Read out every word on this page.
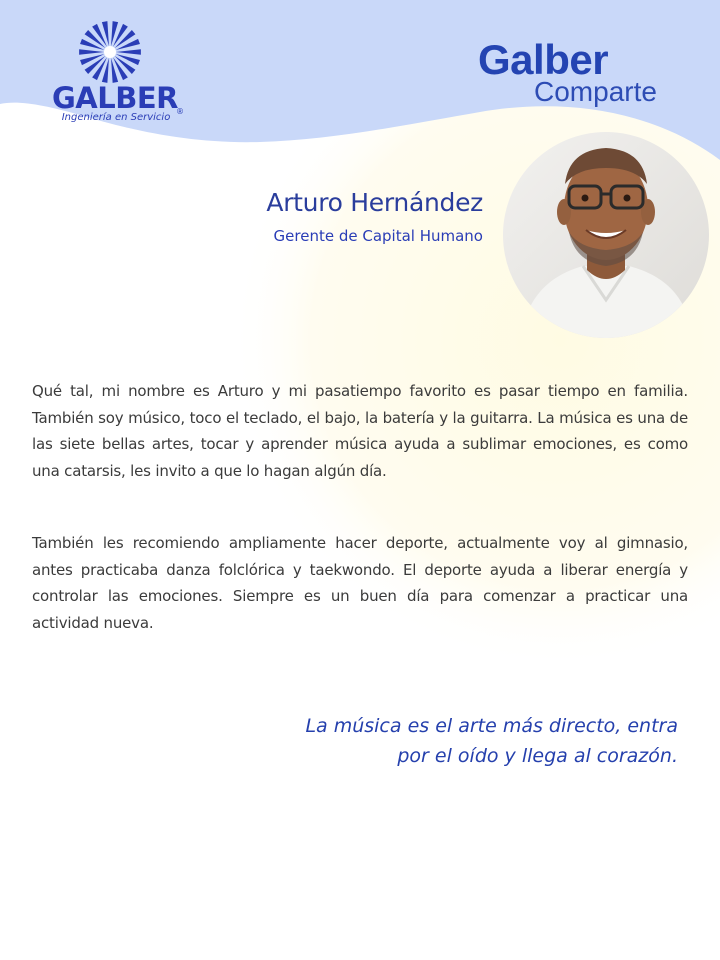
GALBER®
Ingeniería en Servicio
Galber
Comparte
Arturo Hernández
Gerente de Capital Humano

Qué tal, mi nombre es Arturo y mi pasatiempo favorito es pasar tiempo en familia. También soy músico, toco el teclado, el bajo, la batería y la guitarra. La música es una de las siete bellas artes, tocar y aprender música ayuda a sublimar emociones, es como una catarsis, les invito a que lo hagan algún día.

También les recomiendo ampliamente hacer deporte, actualmente voy al gimnasio, antes practicaba danza folclórica y taekwondo. El deporte ayuda a liberar energía y controlar las emociones. Siempre es un buen día para comenzar a practicar una actividad nueva.

La música es el arte más directo, entra
por el oído y llega al corazón.
